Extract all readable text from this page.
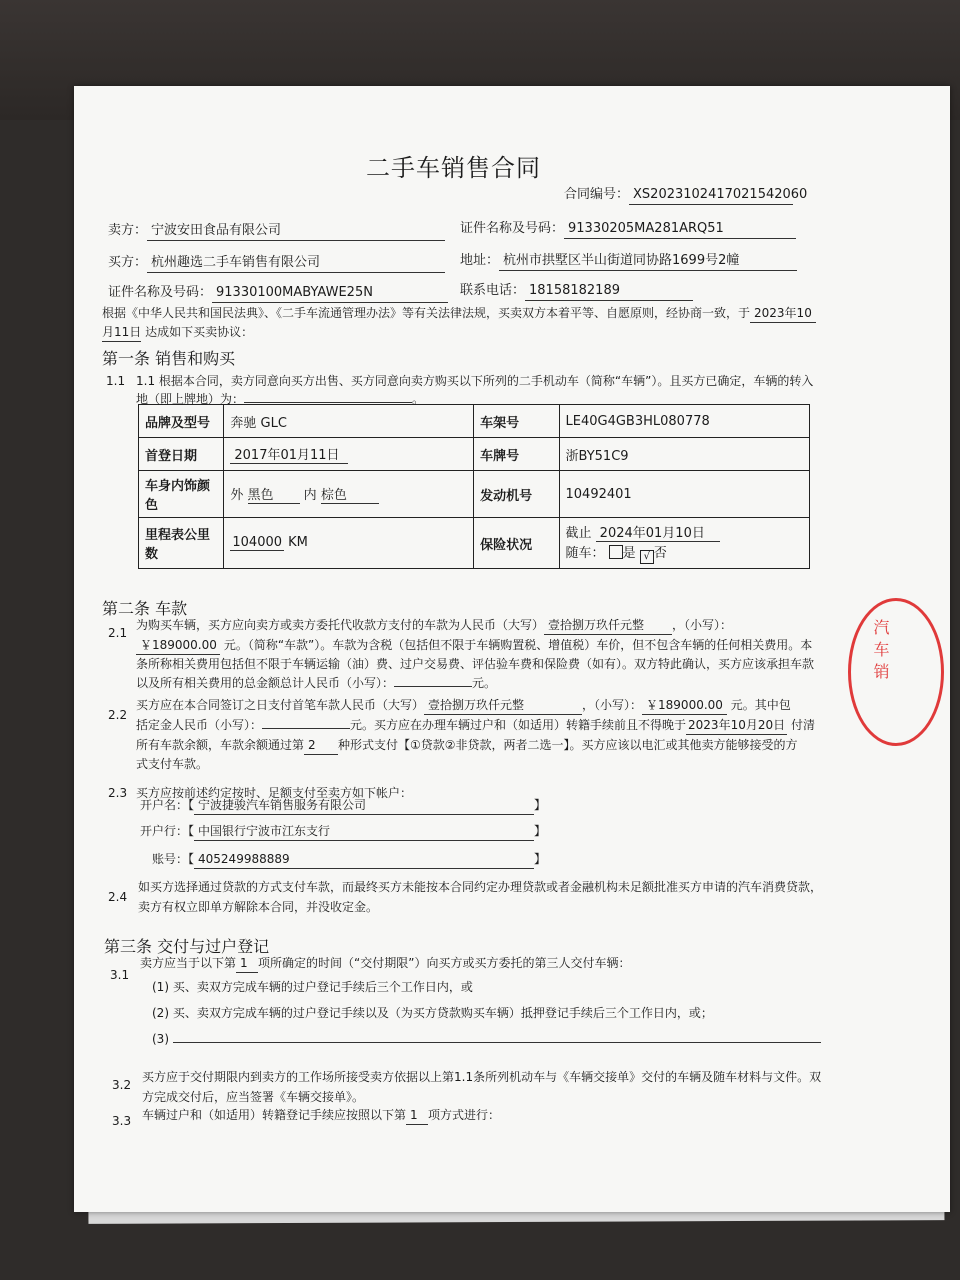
二手车销售合同
合同编号： XS2023102417021542060
卖方： 宁波安田食品有限公司	证件名称及号码： 91330205MA281ARQ51
买方： 杭州趣选二手车销售有限公司	地址： 杭州市拱墅区半山街道同协路1699号2幢
证件名称及号码： 91330100MABYAWE25N	联系电话： 18158182189
根据《中华人民共和国民法典》、《二手车流通管理办法》等有关法律法规，买卖双方本着平等、自愿原则，经协商一致，于 2023年10
月11日 达成如下买卖协议：
第一条 销售和购买
1.1 1.1 根据本合同，卖方同意向买方出售、买方同意向卖方购买以下所列的二手机动车（简称“车辆”）。且买方已确定，车辆的转入
地（即上牌地）为：	。
品牌及型号	奔驰 GLC	车架号	LE40G4GB3HL080778
首登日期	2017年01月11日	车牌号	浙BY51C9
车身内饰颜
色	外 黑色 内 棕色	发动机号	10492401
里程表公里
数	104000 KM	保险状况	截止 2024年01月10日
随车： 是 √ 否
第二条 车款
2.1
为购买车辆，买方应向卖方或卖方委托代收款方支付的车款为人民币（大写） 壹拾捌万玖仟元整 ，（小写）：
￥189000.00 元。（简称“车款”）。车款为含税（包括但不限于车辆购置税、增值税）车价，但不包含车辆的任何相关费用。本
条所称相关费用包括但不限于车辆运输（油）费、过户交易费、评估验车费和保险费（如有）。双方特此确认，买方应该承担车款
以及所有相关费用的总金额总计人民币（小写）：	元。
2.2
买方应在本合同签订之日支付首笔车款人民币（大写） 壹拾捌万玖仟元整	，（小写）： ￥189000.00 元。其中包
括定金人民币（小写）：	元。买方应在办理车辆过户和（如适用）转籍手续前且不得晚于 2023年10月20日 付清
所有车款余额，车款余额通过第 2 种形式支付【①贷款②非贷款，两者二选一】。买方应该以电汇或其他卖方能够接受的方
式支付车款。
2.3 买方应按前述约定按时、足额支付至卖方如下帐户：
开户名：【 宁波捷骏汽车销售服务有限公司	】
开户行：【 中国银行宁波市江东支行	】
账号：【 405249988889	】
2.4
如买方选择通过贷款的方式支付车款，而最终买方未能按本合同约定办理贷款或者金融机构未足额批准买方申请的汽车消费贷款，
卖方有权立即单方解除本合同，并没收定金。
第三条 交付与过户登记
3.1
卖方应当于以下第 1 项所确定的时间（“交付期限”）向买方或买方委托的第三人交付车辆：
(1) 买、卖双方完成车辆的过户登记手续后三个工作日内，或
(2) 买、卖双方完成车辆的过户登记手续以及（为买方贷款购买车辆）抵押登记手续后三个工作日内，或；
(3)
3.2
买方应于交付期限内到卖方的工作场所接受卖方依据以上第1.1条所列机动车与《车辆交接单》交付的车辆及随车材料与文件。双
方完成交付后，应当签署《车辆交接单》。
3.3 车辆过户和（如适用）转籍登记手续应按照以下第 1 项方式进行：
汽车销
